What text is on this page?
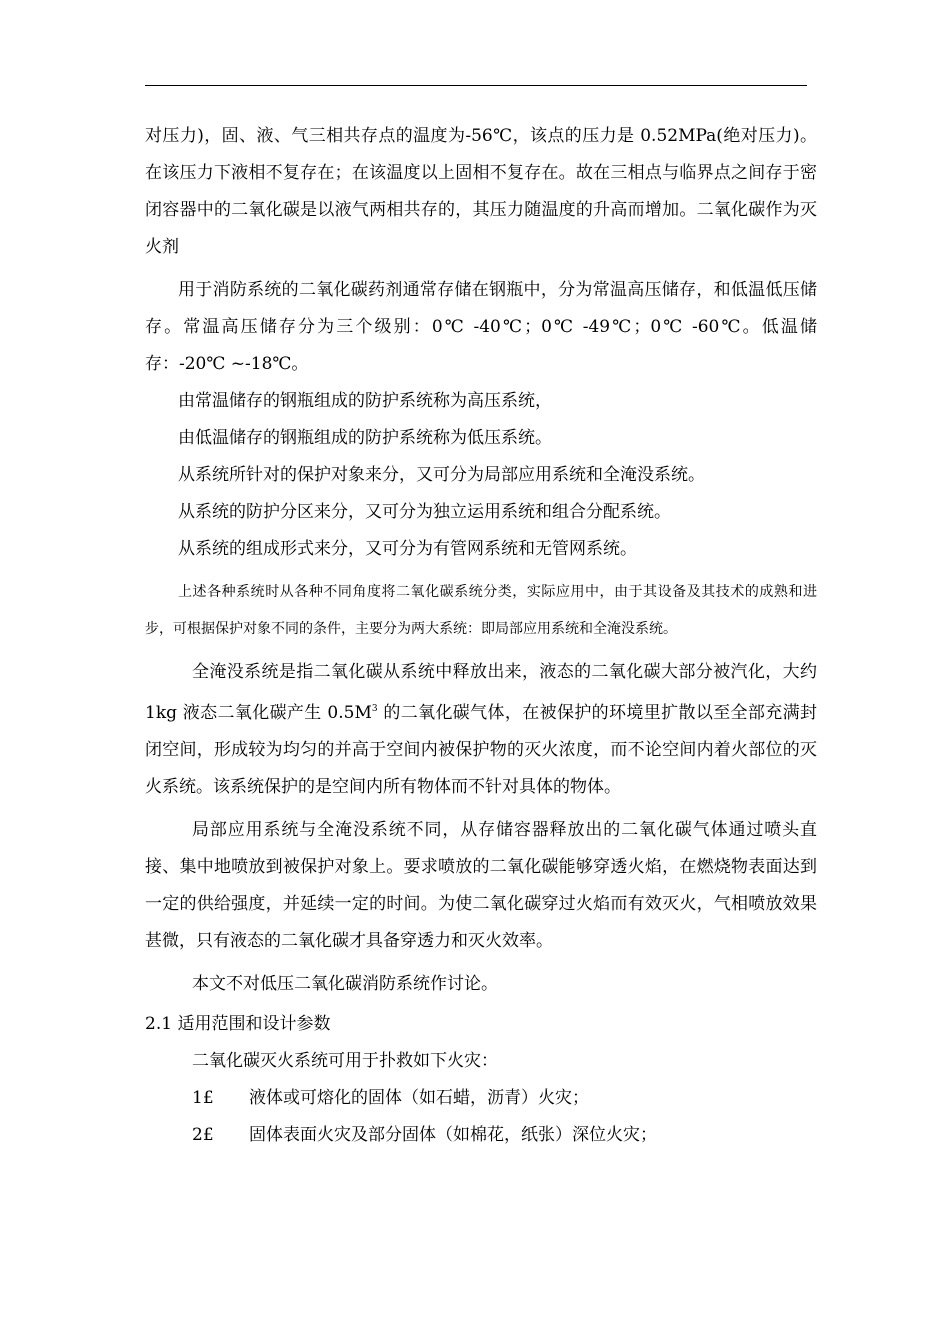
对压力)，固、液、气三相共存点的温度为-56℃，该点的压力是 0.52MPa(绝对压力)。在该压力下液相不复存在；在该温度以上固相不复存在。故在三相点与临界点之间存于密闭容器中的二氧化碳是以液气两相共存的，其压力随温度的升高而增加。二氧化碳作为灭火剂

用于消防系统的二氧化碳药剂通常存储在钢瓶中，分为常温高压储存，和低温低压储存。常温高压储存分为三个级别：0℃ -40℃；0℃ -49℃；0℃ -60℃。低温储存：-20℃ ~-18℃。

由常温储存的钢瓶组成的防护系统称为高压系统，

由低温储存的钢瓶组成的防护系统称为低压系统。

从系统所针对的保护对象来分，又可分为局部应用系统和全淹没系统。

从系统的防护分区来分，又可分为独立运用系统和组合分配系统。

从系统的组成形式来分，又可分为有管网系统和无管网系统。

上述各种系统时从各种不同角度将二氧化碳系统分类，实际应用中，由于其设备及其技术的成熟和进步，可根据保护对象不同的条件，主要分为两大系统：即局部应用系统和全淹没系统。

全淹没系统是指二氧化碳从系统中释放出来，液态的二氧化碳大部分被汽化，大约 1kg 液态二氧化碳产生 $0.5M^3$ 的二氧化碳气体，在被保护的环境里扩散以至全部充满封闭空间，形成较为均匀的并高于空间内被保护物的灭火浓度，而不论空间内着火部位的灭火系统。该系统保护的是空间内所有物体而不针对具体的物体。

局部应用系统与全淹没系统不同，从存储容器释放出的二氧化碳气体通过喷头直接、集中地喷放到被保护对象上。要求喷放的二氧化碳能够穿透火焰，在燃烧物表面达到一定的供给强度，并延续一定的时间。为使二氧化碳穿过火焰而有效灭火，气相喷放效果甚微，只有液态的二氧化碳才具备穿透力和灭火效率。

本文不对低压二氧化碳消防系统作讨论。

2.1 适用范围和设计参数

二氧化碳灭火系统可用于扑救如下火灾：

1£	液体或可熔化的固体（如石蜡，沥青）火灾；
2£	固体表面火灾及部分固体（如棉花，纸张）深位火灾；
